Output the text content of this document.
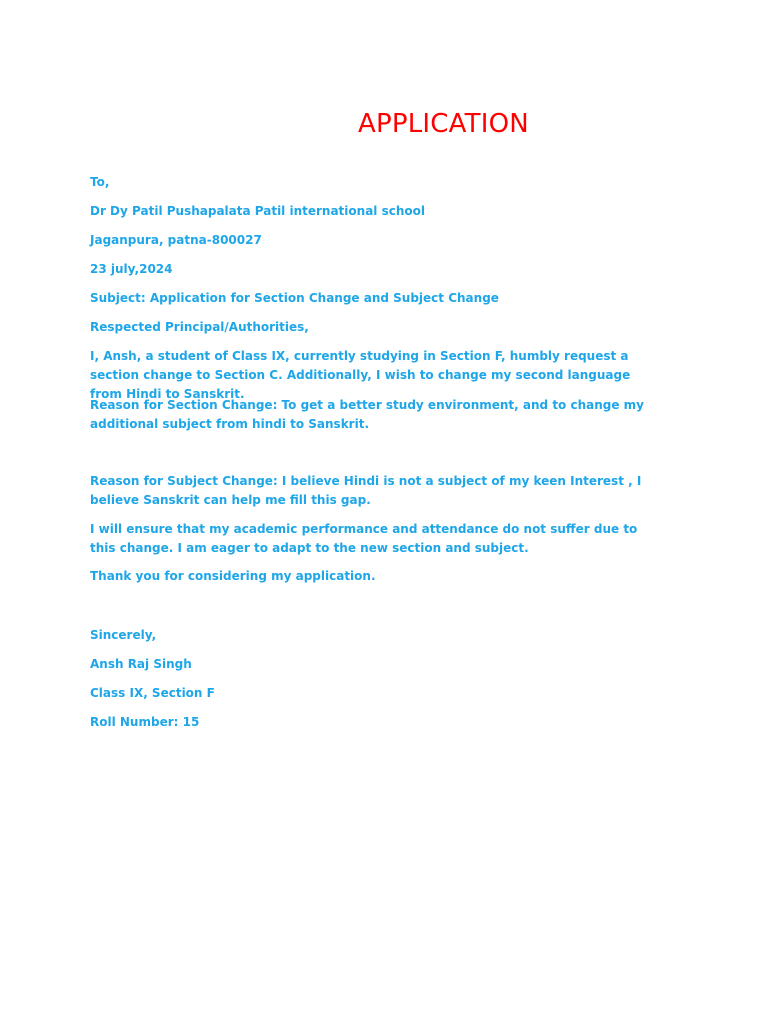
APPLICATION

To,

Dr Dy Patil Pushapalata Patil international school

Jaganpura, patna-800027

23 july,2024

Subject: Application for Section Change and Subject Change

Respected Principal/Authorities,

I, Ansh, a student of Class IX, currently studying in Section F, humbly request a section change to Section C. Additionally, I wish to change my second language from Hindi to Sanskrit.

Reason for Section Change: To get a better study environment, and to change my additional subject from hindi to Sanskrit.

Reason for Subject Change: I believe Hindi is not a subject of my keen Interest , I believe Sanskrit can help me fill this gap.

I will ensure that my academic performance and attendance do not suffer due to this change. I am eager to adapt to the new section and subject.

Thank you for considering my application.

Sincerely,

Ansh Raj Singh

Class IX, Section F

Roll Number: 15
